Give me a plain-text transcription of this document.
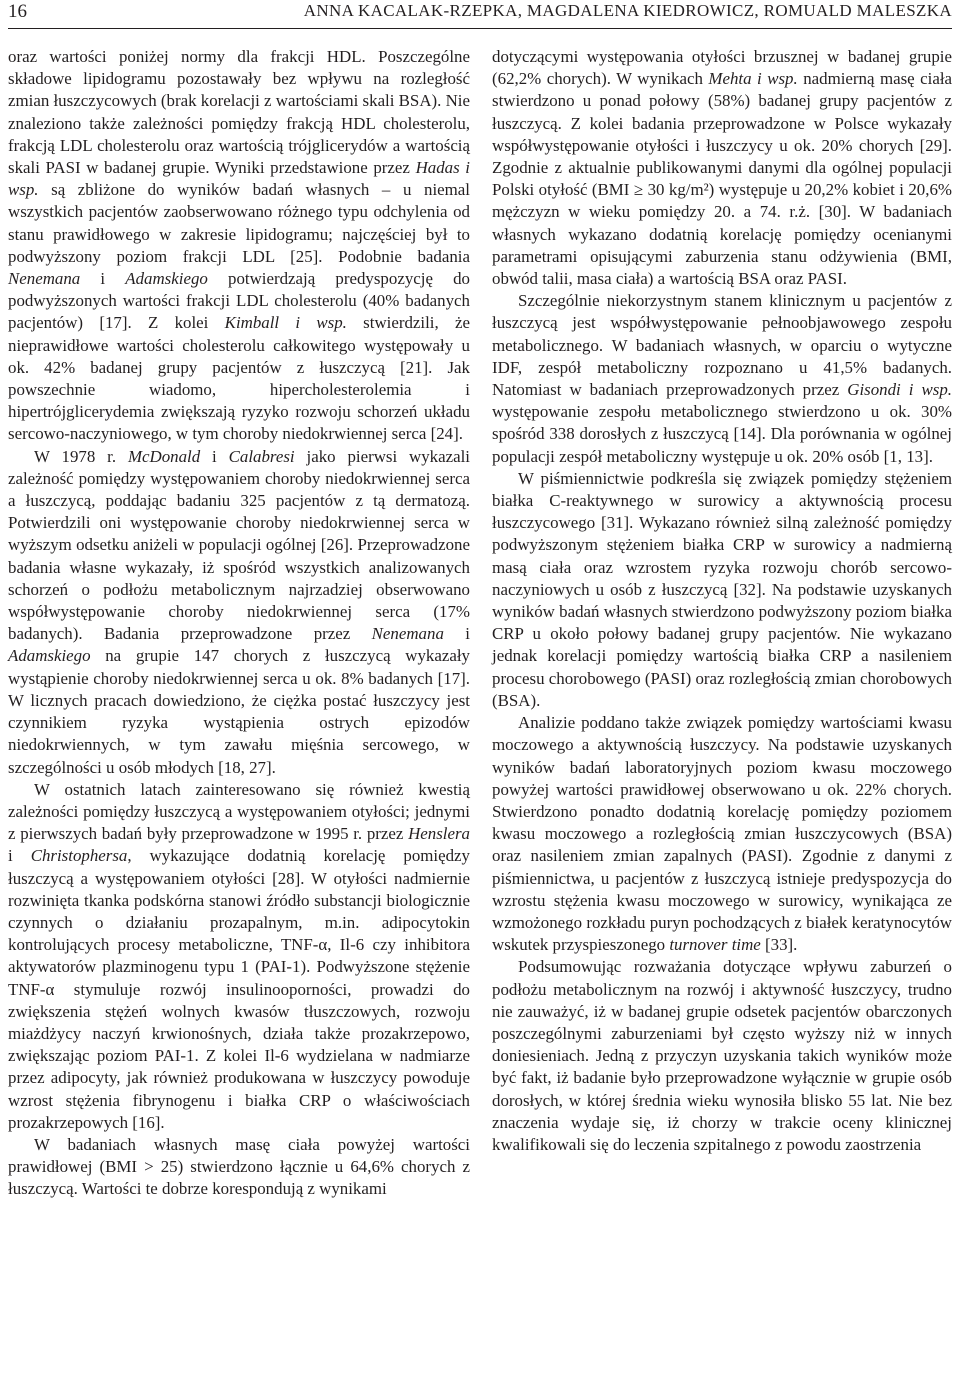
16	ANNA KACALAK-RZEPKA, MAGDALENA KIEDROWICZ, ROMUALD MALESZKA

oraz wartości poniżej normy dla frakcji HDL. Poszczególne składowe lipidogramu pozostawały bez wpływu na rozległość zmian łuszczycowych (brak korelacji z wartościami skali BSA). Nie znaleziono także zależności pomiędzy frakcją HDL cholesterolu, frakcją LDL cholesterolu oraz wartością trójglicerydów a wartością skali PASI w badanej grupie. Wyniki przedstawione przez Hadas i wsp. są zbliżone do wyników badań własnych – u niemal wszystkich pacjentów zaobserwowano różnego typu odchylenia od stanu prawidłowego w zakresie lipidogramu; najczęściej był to podwyższony poziom frakcji LDL [25]. Podobnie badania Nenemana i Adamskiego potwierdzają predyspozycję do podwyższonych wartości frakcji LDL cholesterolu (40% badanych pacjentów) [17]. Z kolei Kimball i wsp. stwierdzili, że nieprawidłowe wartości cholesterolu całkowitego występowały u ok. 42% badanej grupy pacjentów z łuszczycą [21]. Jak powszechnie wiadomo, hipercholesterolemia i hipertrójglicerydemia zwiększają ryzyko rozwoju schorzeń układu sercowo-naczyniowego, w tym choroby niedokrwiennej serca [24].

W 1978 r. McDonald i Calabresi jako pierwsi wykazali zależność pomiędzy występowaniem choroby niedokrwiennej serca a łuszczycą, poddając badaniu 325 pacjentów z tą dermatozą. Potwierdzili oni występowanie choroby niedokrwiennej serca w wyższym odsetku aniżeli w populacji ogólnej [26]. Przeprowadzone badania własne wykazały, iż spośród wszystkich analizowanych schorzeń o podłożu metabolicznym najrzadziej obserwowano współwystępowanie choroby niedokrwiennej serca (17% badanych). Badania przeprowadzone przez Nenemana i Adamskiego na grupie 147 chorych z łuszczycą wykazały wystąpienie choroby niedokrwiennej serca u ok. 8% badanych [17]. W licznych pracach dowiedziono, że ciężka postać łuszczycy jest czynnikiem ryzyka wystąpienia ostrych epizodów niedokrwiennych, w tym zawału mięśnia sercowego, w szczególności u osób młodych [18, 27].

W ostatnich latach zainteresowano się również kwestią zależności pomiędzy łuszczycą a występowaniem otyłości; jednymi z pierwszych badań były przeprowadzone w 1995 r. przez Henslera i Christophersa, wykazujące dodatnią korelację pomiędzy łuszczycą a występowaniem otyłości [28]. W otyłości nadmiernie rozwinięta tkanka podskórna stanowi źródło substancji biologicznie czynnych o działaniu prozapalnym, m.in. adipocytokin kontrolujących procesy metaboliczne, TNF-α, Il-6 czy inhibitora aktywatorów plazminogenu typu 1 (PAI-1). Podwyższone stężenie TNF-α stymuluje rozwój insulinooporności, prowadzi do zwiększenia stężeń wolnych kwasów tłuszczowych, rozwoju miażdżycy naczyń krwionośnych, działa także prozakrzepowo, zwiększając poziom PAI-1. Z kolei Il-6 wydzielana w nadmiarze przez adipocyty, jak również produkowana w łuszczycy powoduje wzrost stężenia fibrynogenu i białka CRP o właściwościach prozakrzepowych [16].

W badaniach własnych masę ciała powyżej wartości prawidłowej (BMI > 25) stwierdzono łącznie u 64,6% chorych z łuszczycą. Wartości te dobrze korespondują z wynikami

dotyczącymi występowania otyłości brzusznej w badanej grupie (62,2% chorych). W wynikach Mehta i wsp. nadmierną masę ciała stwierdzono u ponad połowy (58%) badanej grupy pacjentów z łuszczycą. Z kolei badania przeprowadzone w Polsce wykazały współwystępowanie otyłości i łuszczycy u ok. 20% chorych [29]. Zgodnie z aktualnie publikowanymi danymi dla ogólnej populacji Polski otyłość (BMI ≥ 30 kg/m²) występuje u 20,2% kobiet i 20,6% mężczyzn w wieku pomiędzy 20. a 74. r.ż. [30]. W badaniach własnych wykazano dodatnią korelację pomiędzy ocenianymi parametrami opisującymi zaburzenia stanu odżywienia (BMI, obwód talii, masa ciała) a wartością BSA oraz PASI.

Szczególnie niekorzystnym stanem klinicznym u pacjentów z łuszczycą jest współwystępowanie pełnoobjawowego zespołu metabolicznego. W badaniach własnych, w oparciu o wytyczne IDF, zespół metaboliczny rozpoznano u 41,5% badanych. Natomiast w badaniach przeprowadzonych przez Gisondi i wsp. występowanie zespołu metabolicznego stwierdzono u ok. 30% spośród 338 dorosłych z łuszczycą [14]. Dla porównania w ogólnej populacji zespół metaboliczny występuje u ok. 20% osób [1, 13].

W piśmiennictwie podkreśla się związek pomiędzy stężeniem białka C-reaktywnego w surowicy a aktywnością procesu łuszczycowego [31]. Wykazano również silną zależność pomiędzy podwyższonym stężeniem białka CRP w surowicy a nadmierną masą ciała oraz wzrostem ryzyka rozwoju chorób sercowo-naczyniowych u osób z łuszczycą [32]. Na podstawie uzyskanych wyników badań własnych stwierdzono podwyższony poziom białka CRP u około połowy badanej grupy pacjentów. Nie wykazano jednak korelacji pomiędzy wartością białka CRP a nasileniem procesu chorobowego (PASI) oraz rozległością zmian chorobowych (BSA).

Analizie poddano także związek pomiędzy wartościami kwasu moczowego a aktywnością łuszczycy. Na podstawie uzyskanych wyników badań laboratoryjnych poziom kwasu moczowego powyżej wartości prawidłowej obserwowano u ok. 22% chorych. Stwierdzono ponadto dodatnią korelację pomiędzy poziomem kwasu moczowego a rozległością zmian łuszczycowych (BSA) oraz nasileniem zmian zapalnych (PASI). Zgodnie z danymi z piśmiennictwa, u pacjentów z łuszczycą istnieje predyspozycja do wzrostu stężenia kwasu moczowego w surowicy, wynikająca ze wzmożonego rozkładu puryn pochodzących z białek keratynocytów wskutek przyspieszonego turnover time [33].

Podsumowując rozważania dotyczące wpływu zaburzeń o podłożu metabolicznym na rozwój i aktywność łuszczycy, trudno nie zauważyć, iż w badanej grupie odsetek pacjentów obarczonych poszczególnymi zaburzeniami był często wyższy niż w innych doniesieniach. Jedną z przyczyn uzyskania takich wyników może być fakt, iż badanie było przeprowadzone wyłącznie w grupie osób dorosłych, w której średnia wieku wynosiła blisko 55 lat. Nie bez znaczenia wydaje się, iż chorzy w trakcie oceny klinicznej kwalifikowali się do leczenia szpitalnego z powodu zaostrzenia
